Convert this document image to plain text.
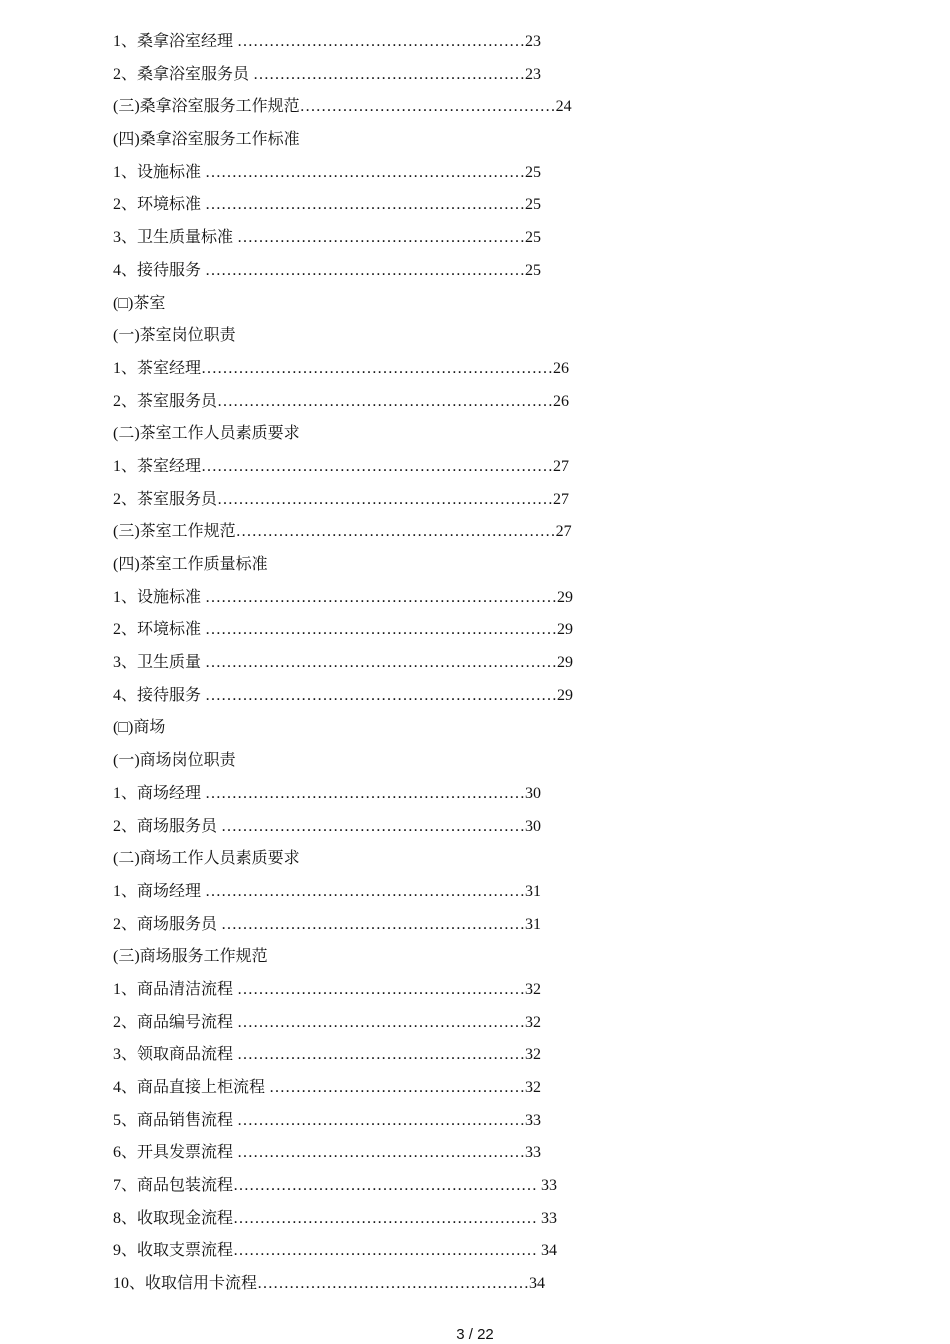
1、桑拿浴室经理 ………………………………………………23
2、桑拿浴室服务员 ……………………………………………23
(三)桑拿浴室服务工作规范…………………………………………24
(四)桑拿浴室服务工作标准
1、设施标准 ……………………………………………………25
2、环境标准 ……………………………………………………25
3、卫生质量标准 ………………………………………………25
4、接待服务 ……………………………………………………25
(□)茶室
(一)茶室岗位职责
1、茶室经理…………………………………………………………26
2、茶室服务员………………………………………………………26
(二)茶室工作人员素质要求
1、茶室经理…………………………………………………………27
2、茶室服务员………………………………………………………27
(三)茶室工作规范……………………………………………………27
(四)茶室工作质量标准
1、设施标准 …………………………………………………………29
2、环境标准 …………………………………………………………29
3、卫生质量 …………………………………………………………29
4、接待服务 …………………………………………………………29
(□)商场
(一)商场岗位职责
1、商场经理 ……………………………………………………30
2、商场服务员 …………………………………………………30
(二)商场工作人员素质要求
1、商场经理 ……………………………………………………31
2、商场服务员 …………………………………………………31
(三)商场服务工作规范
1、商品清洁流程 ………………………………………………32
2、商品编号流程 ………………………………………………32
3、领取商品流程 ………………………………………………32
4、商品直接上柜流程 …………………………………………32
5、商品销售流程 ………………………………………………33
6、开具发票流程 ………………………………………………33
7、商品包装流程………………………………………………… 33
8、收取现金流程………………………………………………… 33
9、收取支票流程………………………………………………… 34
10、收取信用卡流程……………………………………………34
3 / 22
